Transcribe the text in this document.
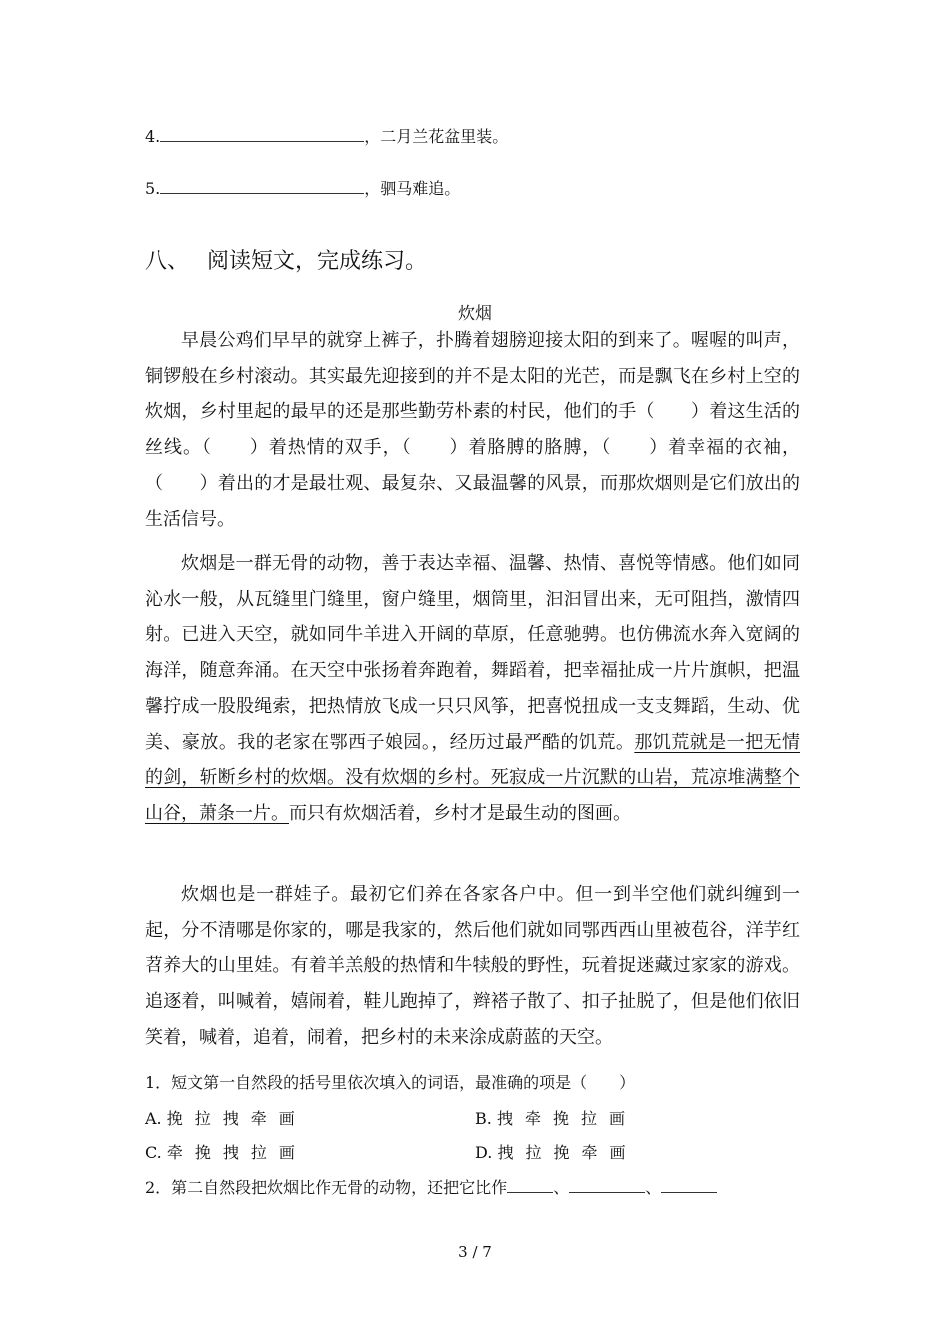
4.	，二月兰花盆里装。
5.	，驷马难追。
八、 阅读短文，完成练习。
炊烟

早晨公鸡们早早的就穿上裤子，扑腾着翅膀迎接太阳的到来了。喔喔的叫声，铜锣般在乡村滚动。其实最先迎接到的并不是太阳的光芒，而是飘飞在乡村上空的炊烟，乡村里起的最早的还是那些勤劳朴素的村民，他们的手（　　）着这生活的丝线。（　　）着热情的双手，（　　）着胳膊的胳膊，（　　）着幸福的衣袖，（　　）着出的才是最壮观、最复杂、又最温馨的风景，而那炊烟则是它们放出的生活信号。

炊烟是一群无骨的动物，善于表达幸福、温馨、热情、喜悦等情感。他们如同沁水一般，从瓦缝里门缝里，窗户缝里，烟筒里，汩汩冒出来，无可阻挡，激情四射。已进入天空，就如同牛羊进入开阔的草原，任意驰骋。也仿佛流水奔入宽阔的海洋，随意奔涌。在天空中张扬着奔跑着，舞蹈着，把幸福扯成一片片旗帜，把温馨拧成一股股绳索，把热情放飞成一只只风筝，把喜悦扭成一支支舞蹈，生动、优美、豪放。我的老家在鄂西子娘园。，经历过最严酷的饥荒。那饥荒就是一把无情的剑，斩断乡村的炊烟。没有炊烟的乡村。死寂成一片沉默的山岩，荒凉堆满整个山谷，萧条一片。而只有炊烟活着，乡村才是最生动的图画。

炊烟也是一群娃子。最初它们养在各家各户中。但一到半空他们就纠缠到一起，分不清哪是你家的，哪是我家的，然后他们就如同鄂西西山里被苞谷，洋芋红苕养大的山里娃。有着羊羔般的热情和牛犊般的野性，玩着捉迷藏过家家的游戏。追逐着，叫喊着，嬉闹着，鞋儿跑掉了，辫褡子散了、扣子扯脱了，但是他们依旧笑着，喊着，追着，闹着，把乡村的未来涂成蔚蓝的天空。

1．短文第一自然段的括号里依次填入的词语，最准确的项是（　　）
A. 挽 拉 拽 牵 画	B. 拽 牵 挽 拉 画
C. 牵 挽 拽 拉 画	D. 拽 拉 挽 牵 画
2．第二自然段把炊烟比作无骨的动物，还把它比作	、	、
3 / 7
